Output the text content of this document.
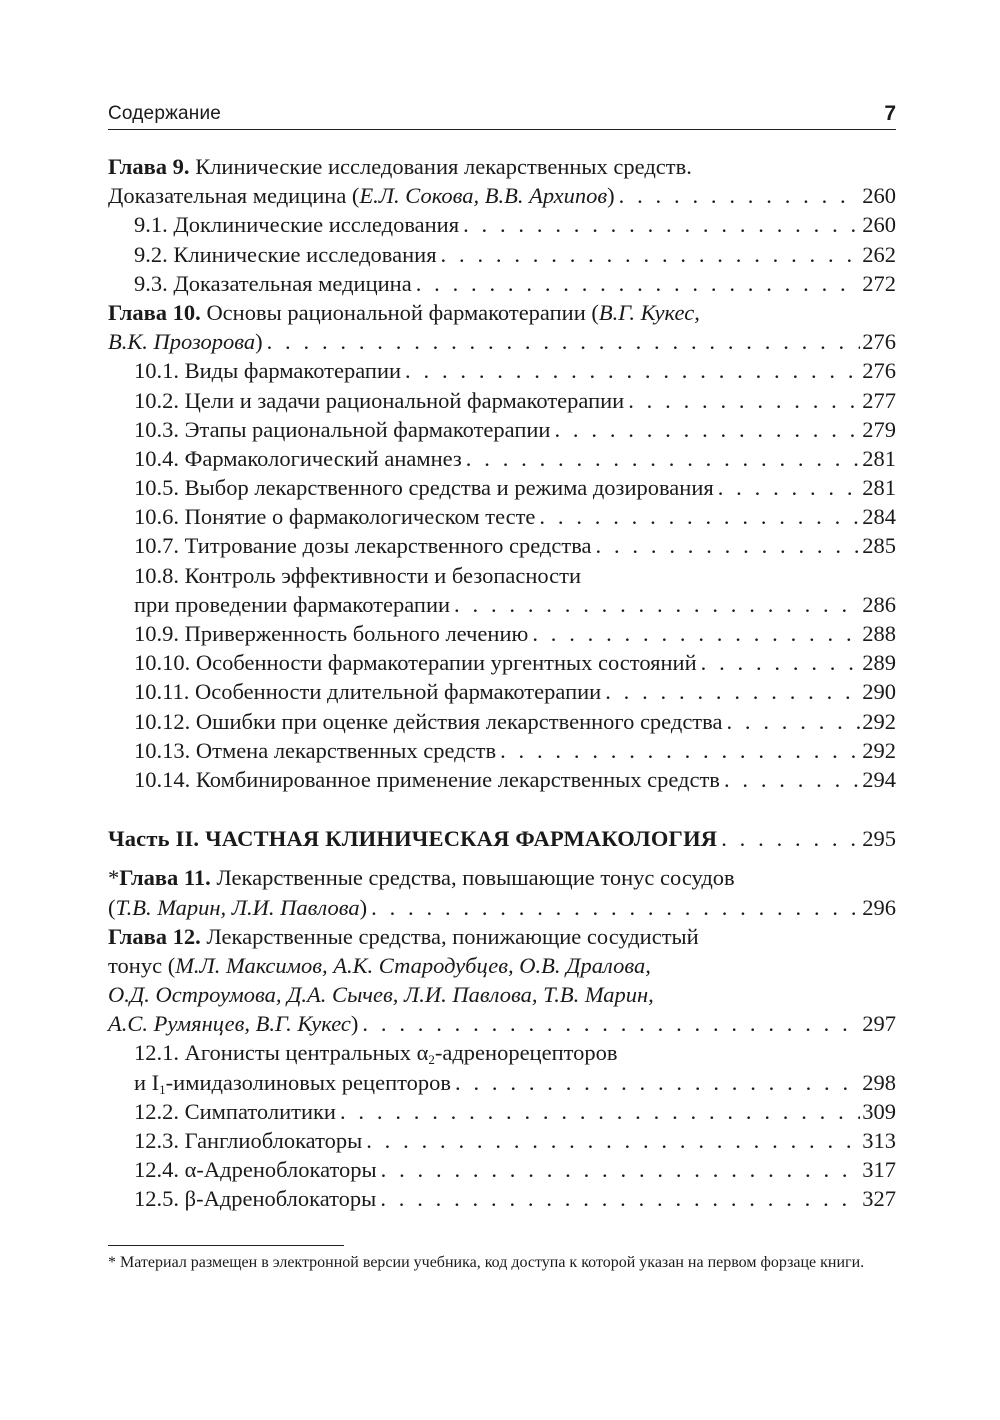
Содержание	7
Глава 9. Клинические исследования лекарственных средств.
Доказательная медицина (Е.Л. Сокова, В.В. Архипов) . . .	260
9.1. Доклинические исследования . . .	260
9.2. Клинические исследования . . .	262
9.3. Доказательная медицина . . .	272
Глава 10. Основы рациональной фармакотерапии (В.Г. Кукес,
В.К. Прозорова) . . .	276
10.1. Виды фармакотерапии . . .	276
10.2. Цели и задачи рациональной фармакотерапии . . .	277
10.3. Этапы рациональной фармакотерапии . . .	279
10.4. Фармакологический анамнез . . .	281
10.5. Выбор лекарственного средства и режима дозирования . . .	281
10.6. Понятие о фармакологическом тесте . . .	284
10.7. Титрование дозы лекарственного средства . . .	285
10.8. Контроль эффективности и безопасности
при проведении фармакотерапии . . .	286
10.9. Приверженность больного лечению . . .	288
10.10. Особенности фармакотерапии ургентных состояний . . .	289
10.11. Особенности длительной фармакотерапии . . .	290
10.12. Ошибки при оценке действия лекарственного средства . . .	292
10.13. Отмена лекарственных средств . . .	292
10.14. Комбинированное применение лекарственных средств . . .	294
Часть II. ЧАСТНАЯ КЛИНИЧЕСКАЯ ФАРМАКОЛОГИЯ . . .	295
*Глава 11. Лекарственные средства, повышающие тонус сосудов
(Т.В. Марин, Л.И. Павлова) . . .	296
Глава 12. Лекарственные средства, понижающие сосудистый
тонус (М.Л. Максимов, А.К. Стародубцев, О.В. Дралова,
О.Д. Остроумова, Д.А. Сычев, Л.И. Павлова, Т.В. Марин,
А.С. Румянцев, В.Г. Кукес) . . .	297
12.1. Агонисты центральных $\alpha_2$-адренорецепторов
и $I_1$-имидазолиновых рецепторов . . .	298
12.2. Симпатолитики . . .	309
12.3. Ганглиоблокаторы . . .	313
12.4. α-Адреноблокаторы . . .	317
12.5. β-Адреноблокаторы . . .	327
* Материал размещен в электронной версии учебника, код доступа к которой указан на первом форзаце книги.
